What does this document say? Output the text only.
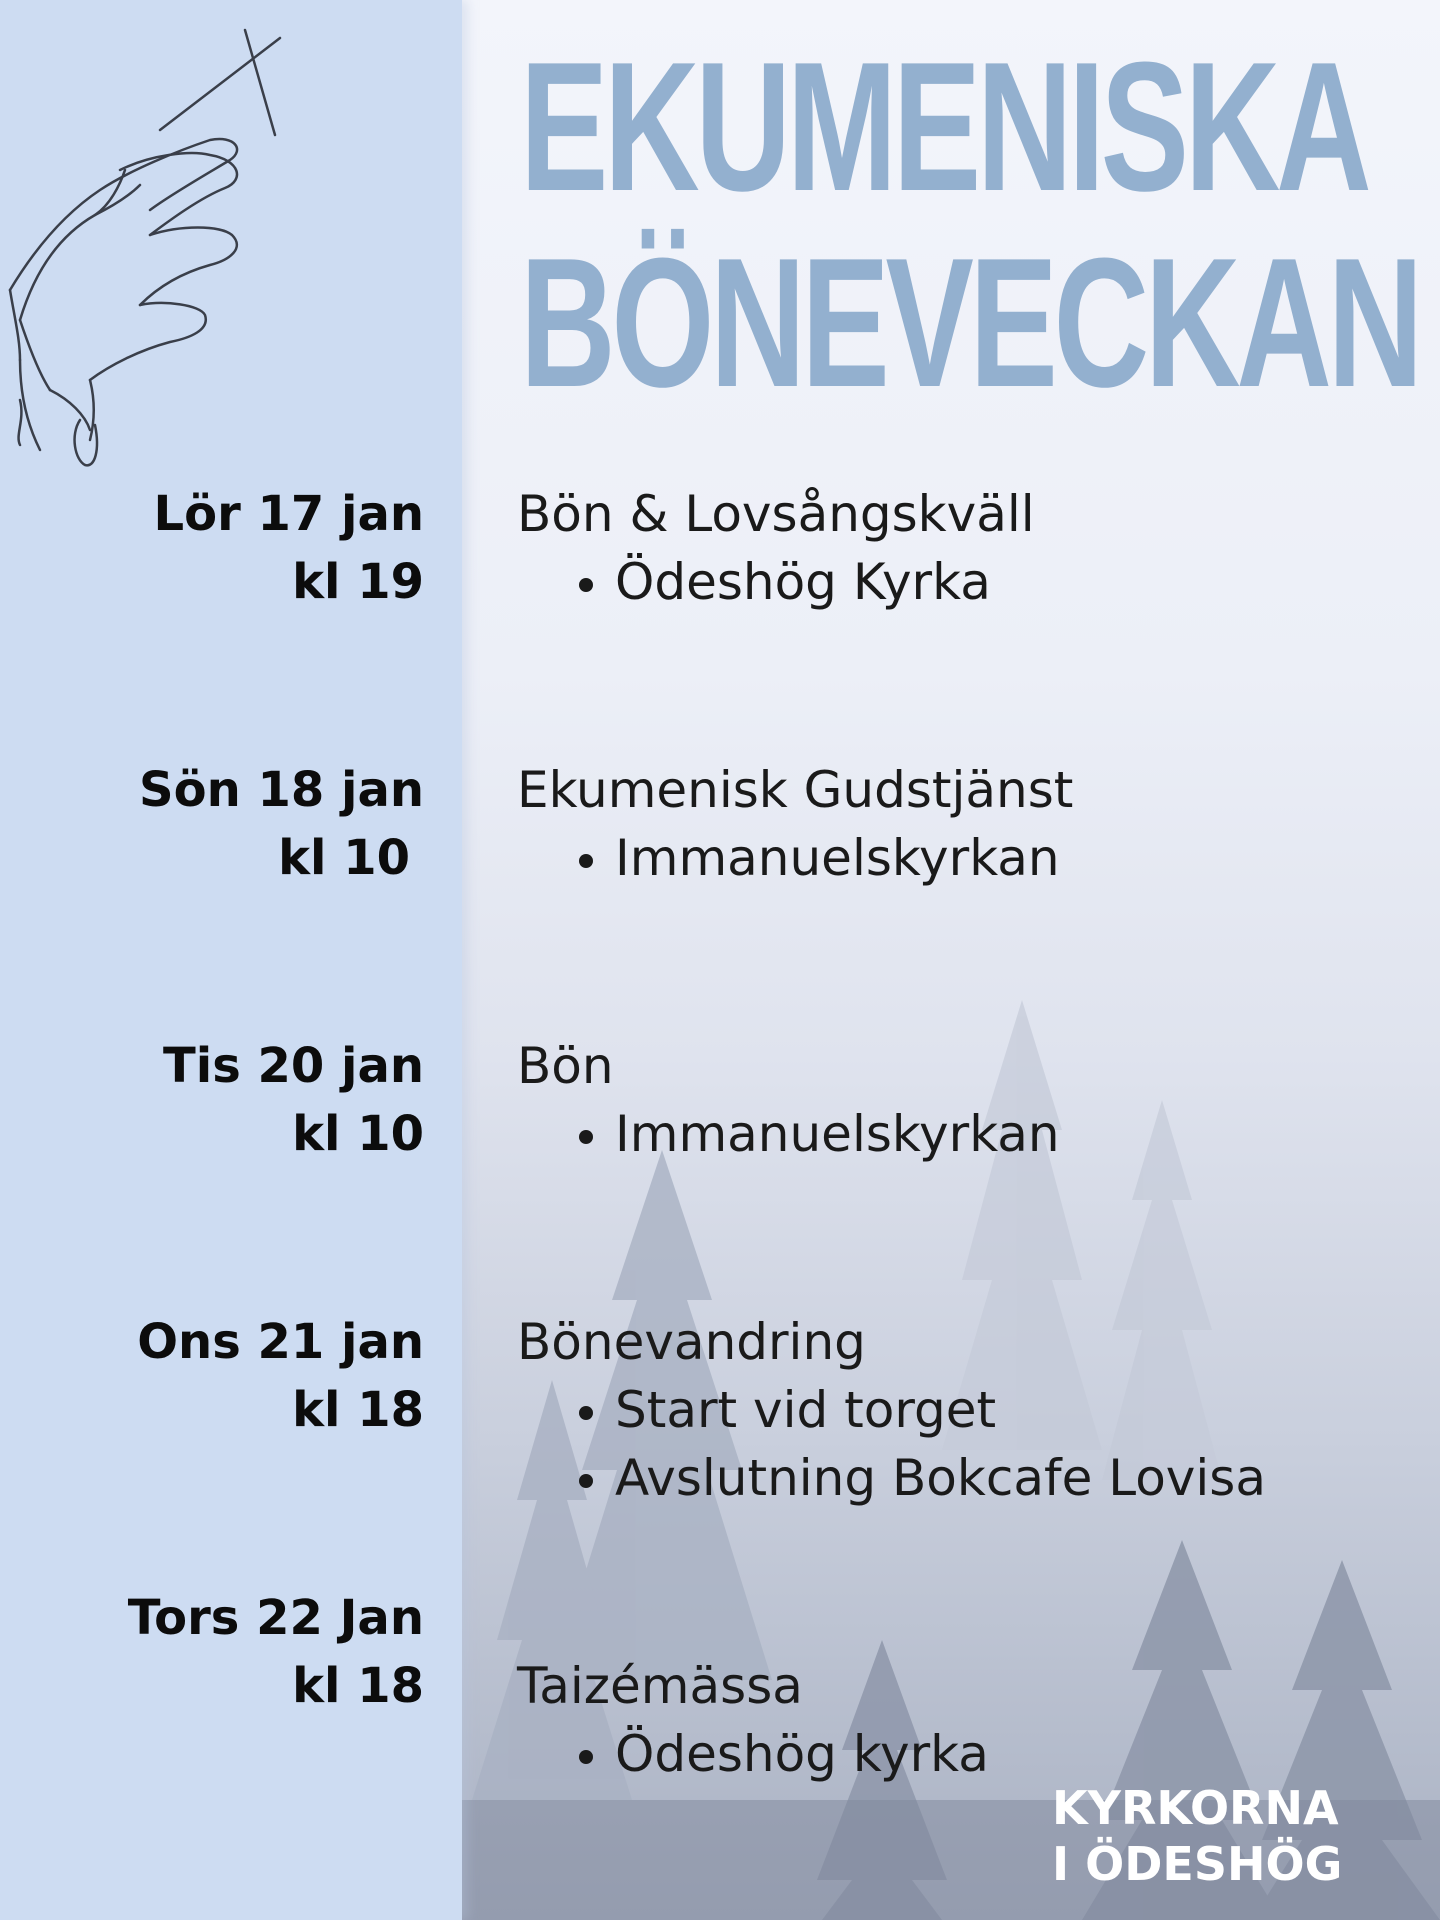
EKUMENISKA
BÖNEVECKAN
Lör 17 jan
kl 19
Bön & Lovsångskväll
Ödeshög Kyrka
Sön 18 jan
kl 10
Ekumenisk Gudstjänst
Immanuelskyrkan
Tis 20 jan
kl 10
Bön
Immanuelskyrkan
Ons 21 jan
kl 18
Bönevandring
Start vid torget
Avslutning Bokcafe Lovisa
Tors 22 Jan
kl 18 Taizémässa
Ödeshög kyrka
KYRKORNA
I ÖDESHÖG
